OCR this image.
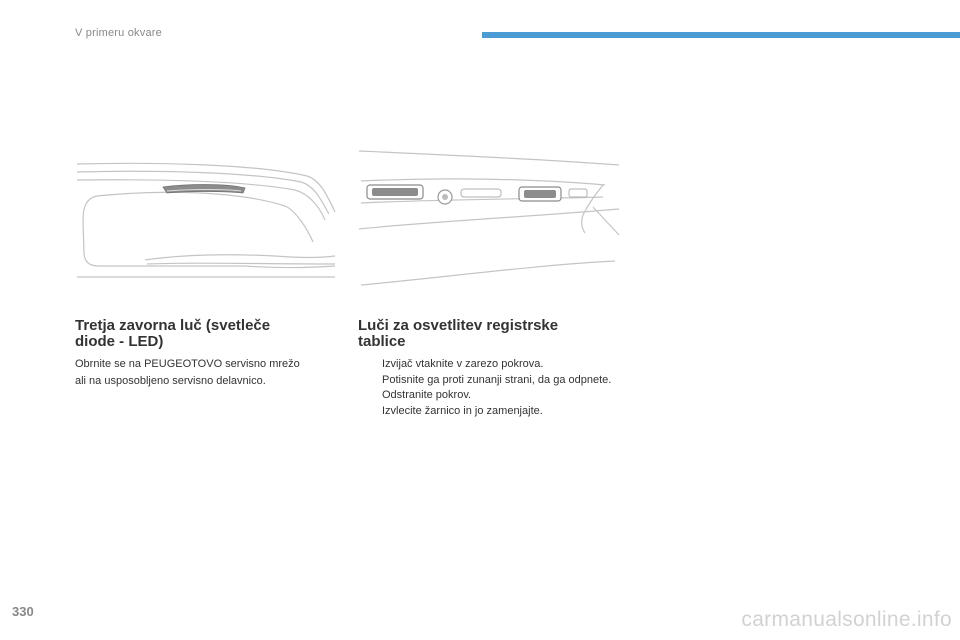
V primeru okvare
Tretja zavorna luč (svetleče
diode - LED)
Obrnite se na PEUGEOTOVO servisno mrežo
ali na usposobljeno servisno delavnico.
Luči za osvetlitev registrske
tablice
Izvijač vtaknite v zarezo pokrova.
Potisnite ga proti zunanji strani, da ga odpnete.
Odstranite pokrov.
Izvlecite žarnico in jo zamenjajte.
330	carmanualsonline.info
